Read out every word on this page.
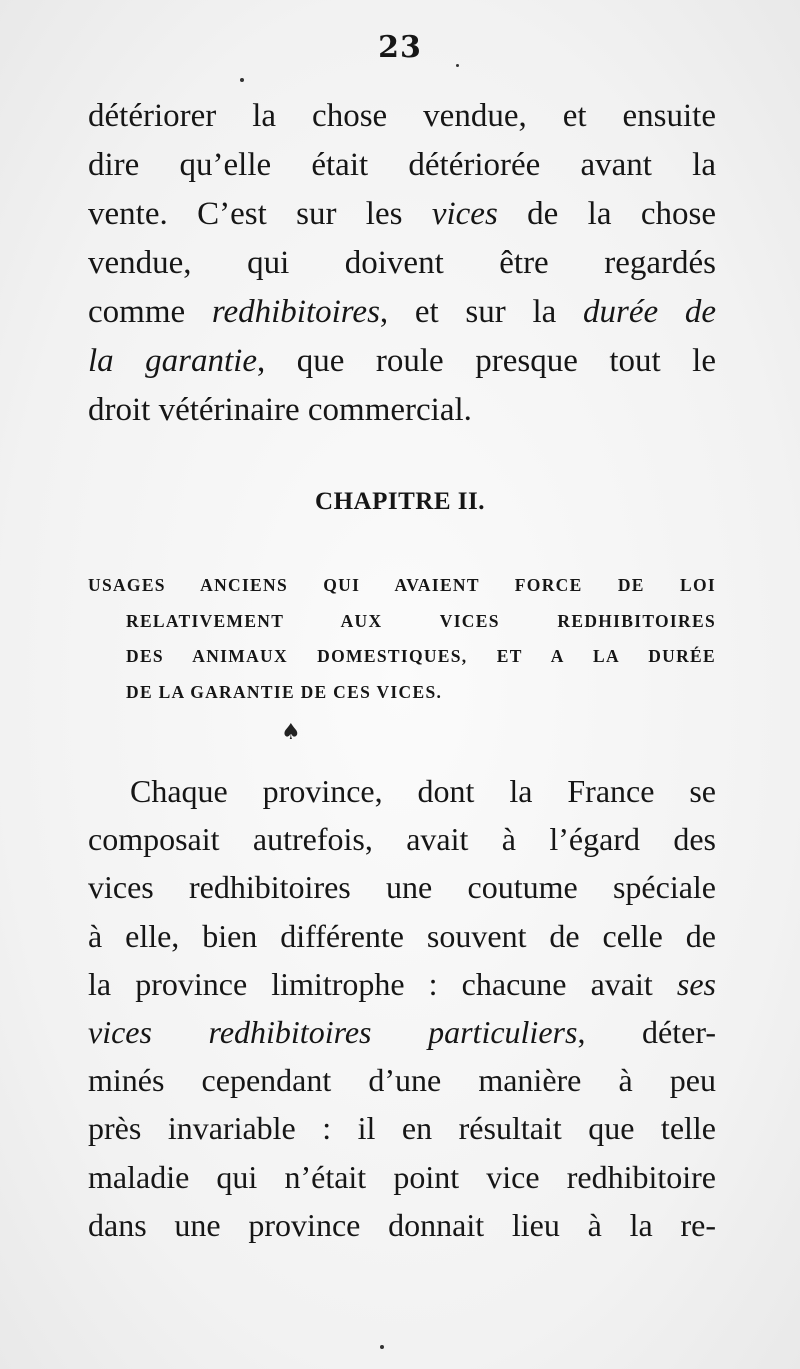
23
détériorer la chose vendue, et ensuite
dire qu’elle était détériorée avant la
vente. C’est sur les vices de la chose
vendue, qui doivent être regardés
comme redhibitoires, et sur la durée de
la garantie, que roule presque tout le
droit vétérinaire commercial.
CHAPITRE II.
USAGES ANCIENS QUI AVAIENT FORCE DE LOI
RELATIVEMENT AUX VICES REDHIBITOIRES
DES ANIMAUX DOMESTIQUES, ET A LA DURÉE
DE LA GARANTIE DE CES VICES.
♠
Chaque province, dont la France se
composait autrefois, avait à l’égard des
vices redhibitoires une coutume spéciale
à elle, bien différente souvent de celle de
la province limitrophe : chacune avait ses
vices redhibitoires particuliers, déter-
minés cependant d’une manière à peu
près invariable : il en résultait que telle
maladie qui n’était point vice redhibitoire
dans une province donnait lieu à la re-
